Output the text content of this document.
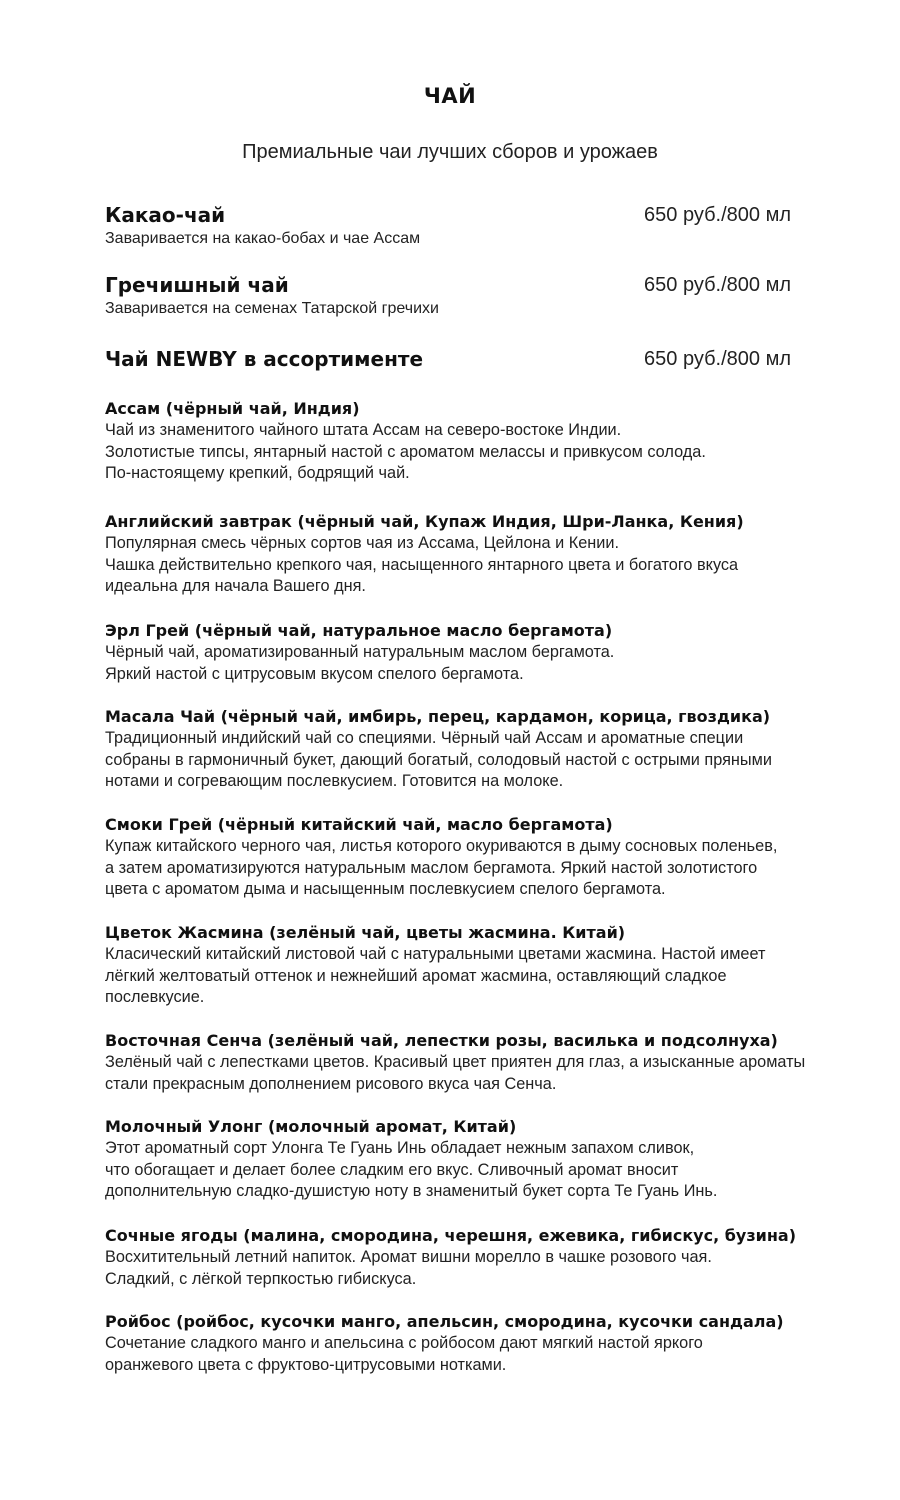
ЧАЙ
Премиальные чаи лучших сборов и урожаев
Какао-чай	650 руб./800 мл
Заваривается на какао-бобах и чае Ассам
Гречишный чай	650 руб./800 мл
Заваривается на семенах Татарской гречихи
Чай NEWBY в ассортименте	650 руб./800 мл
Ассам (чёрный чай, Индия)
Чай из знаменитого чайного штата Ассам на северо-востоке Индии.
Золотистые типсы, янтарный настой с ароматом мелассы и привкусом солода.
По-настоящему крепкий, бодрящий чай.
Английский завтрак (чёрный чай, Купаж Индия, Шри-Ланка, Кения)
Популярная смесь чёрных сортов чая из Ассама, Цейлона и Кении.
Чашка действительно крепкого чая, насыщенного янтарного цвета и богатого вкуса
идеальна для начала Вашего дня.
Эрл Грей (чёрный чай, натуральное масло бергамота)
Чёрный чай, ароматизированный натуральным маслом бергамота.
Яркий настой с цитрусовым вкусом спелого бергамота.
Масала Чай (чёрный чай, имбирь, перец, кардамон, корица, гвоздика)
Традиционный индийский чай со специями. Чёрный чай Ассам и ароматные специи
собраны в гармоничный букет, дающий богатый, солодовый настой с острыми пряными
нотами и согревающим послевкусием. Готовится на молоке.
Смоки Грей (чёрный китайский чай, масло бергамота)
Купаж китайского черного чая, листья которого окуриваются в дыму сосновых поленьев,
а затем ароматизируются натуральным маслом бергамота. Яркий настой золотистого
цвета с ароматом дыма и насыщенным послевкусием спелого бергамота.
Цветок Жасмина (зелёный чай, цветы жасмина. Китай)
Класический китайский листовой чай с натуральными цветами жасмина. Настой имеет
лёгкий желтоватый оттенок и нежнейший аромат жасмина, оставляющий сладкое
послевкусие.
Восточная Сенча (зелёный чай, лепестки розы, василька и подсолнуха)
Зелёный чай с лепестками цветов. Красивый цвет приятен для глаз, а изысканные ароматы
стали прекрасным дополнением рисового вкуса чая Сенча.
Молочный Улонг (молочный аромат, Китай)
Этот ароматный сорт Улонга Те Гуань Инь обладает нежным запахом сливок,
что обогащает и делает более сладким его вкус. Сливочный аромат вносит
дополнительную сладко-душистую ноту в знаменитый букет сорта Те Гуань Инь.
Сочные ягоды (малина, смородина, черешня, ежевика, гибискус, бузина)
Восхитительный летний напиток. Аромат вишни морелло в чашке розового чая.
Сладкий, с лёгкой терпкостью гибискуса.
Ройбос (ройбос, кусочки манго, апельсин, смородина, кусочки сандала)
Сочетание сладкого манго и апельсина с ройбосом дают мягкий настой яркого
оранжевого цвета с фруктово-цитрусовыми нотками.
